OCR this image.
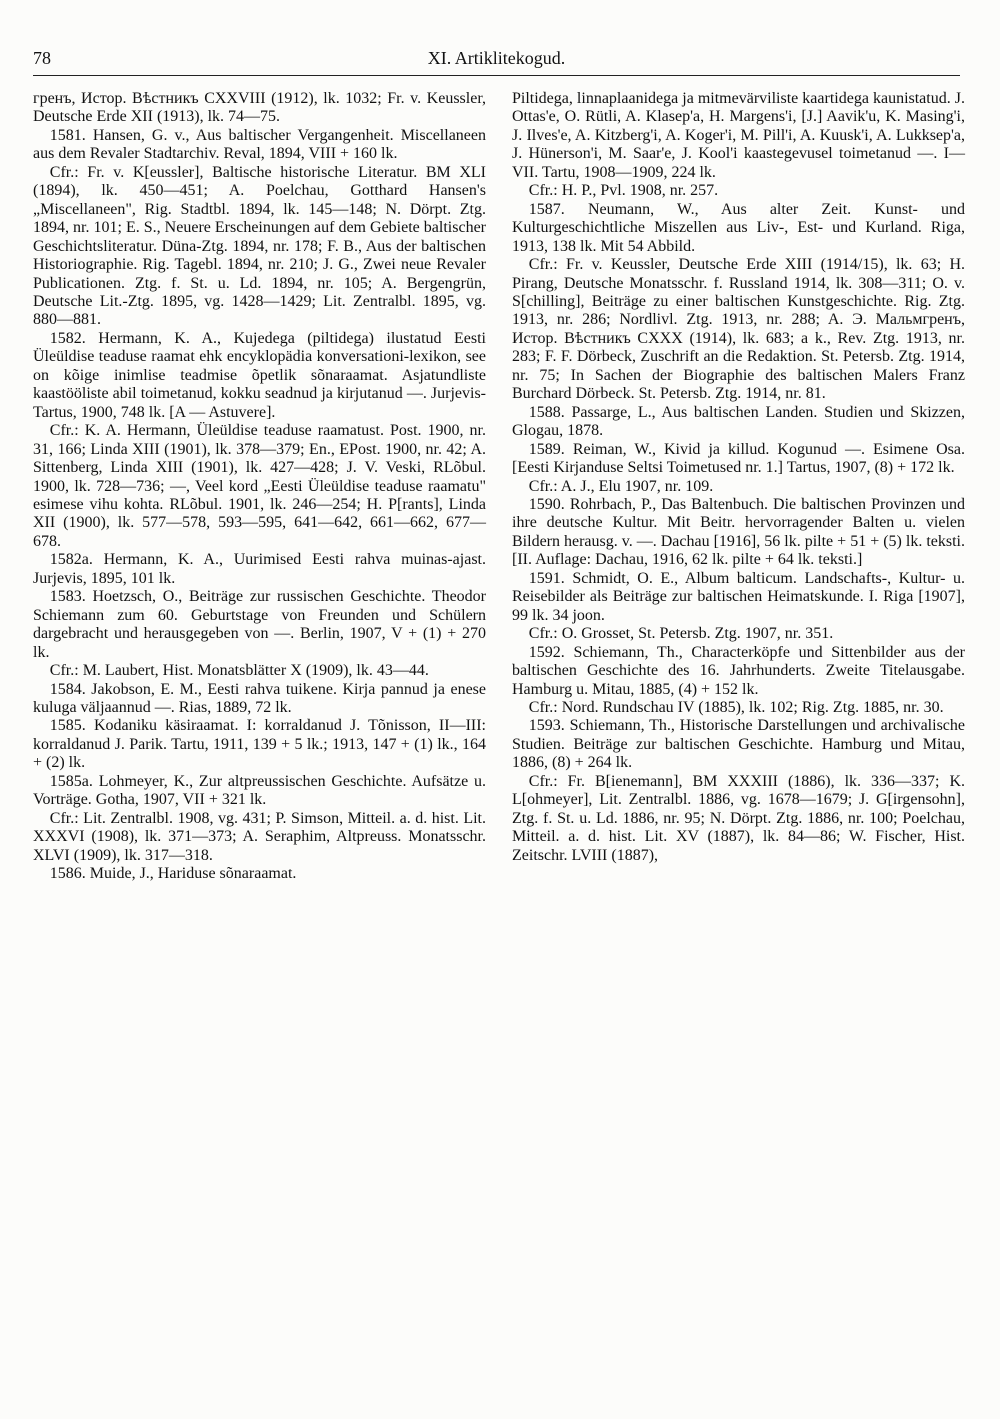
78	XI. Artiklitekogud.

гренъ, Истор. Вѣстникъ CXXVIII (1912), lk. 1032; Fr. v. Keussler, Deutsche Erde XII (1913), lk. 74—75.

1581. Hansen, G. v., Aus baltischer Vergangenheit. Miscellaneen aus dem Revaler Stadtarchiv. Reval, 1894, VIII + 160 lk.

Cfr.: Fr. v. K[eussler], Baltische historische Literatur. BM XLI (1894), lk. 450—451; A. Poelchau, Gotthard Hansen's „Miscellaneen", Rig. Stadtbl. 1894, lk. 145—148; N. Dörpt. Ztg. 1894, nr. 101; E. S., Neuere Erscheinungen auf dem Gebiete baltischer Geschichtsliteratur. Düna-Ztg. 1894, nr. 178; F. B., Aus der baltischen Historiographie. Rig. Tagebl. 1894, nr. 210; J. G., Zwei neue Revaler Publicationen. Ztg. f. St. u. Ld. 1894, nr. 105; A. Bergengrün, Deutsche Lit.-Ztg. 1895, vg. 1428—1429; Lit. Zentralbl. 1895, vg. 880—881.

1582. Hermann, K. A., Kujedega (piltidega) ilustatud Eesti Üleüldise teaduse raamat ehk encyklopädia konversationi-lexikon, see on kõige inimlise teadmise õpetlik sõnaraamat. Asjatundliste kaastööliste abil toimetanud, kokku seadnud ja kirjutanud —. Jurjevis-Tartus, 1900, 748 lk. [A — Astuvere].

Cfr.: K. A. Hermann, Üleüldise teaduse raamatust. Post. 1900, nr. 31, 166; Linda XIII (1901), lk. 378—379; En., EPost. 1900, nr. 42; A. Sittenberg, Linda XIII (1901), lk. 427—428; J. V. Veski, RLõbul. 1900, lk. 728—736; —, Veel kord „Eesti Üleüldise teaduse raamatu" esimese vihu kohta. RLõbul. 1901, lk. 246—254; H. P[rants], Linda XII (1900), lk. 577—578, 593—595, 641—642, 661—662, 677—678.

1582a. Hermann, K. A., Uurimised Eesti rahva muinas-ajast. Jurjevis, 1895, 101 lk.

1583. Hoetzsch, O., Beiträge zur russischen Geschichte. Theodor Schiemann zum 60. Geburtstage von Freunden und Schülern dargebracht und herausgegeben von —. Berlin, 1907, V + (1) + 270 lk.

Cfr.: M. Laubert, Hist. Monatsblätter X (1909), lk. 43—44.

1584. Jakobson, E. M., Eesti rahva tuikene. Kirja pannud ja enese kuluga väljaannud —. Rias, 1889, 72 lk.

1585. Kodaniku käsiraamat. I: korraldanud J. Tõnisson, II—III: korraldanud J. Parik. Tartu, 1911, 139 + 5 lk.; 1913, 147 + (1) lk., 164 + (2) lk.

1585a. Lohmeyer, K., Zur altpreussischen Geschichte. Aufsätze u. Vorträge. Gotha, 1907, VII + 321 lk.

Cfr.: Lit. Zentralbl. 1908, vg. 431; P. Simson, Mitteil. a. d. hist. Lit. XXXVI (1908), lk. 371—373; A. Seraphim, Altpreuss. Monatsschr. XLVI (1909), lk. 317—318.

1586. Muide, J., Hariduse sõnaraamat.

Piltidega, linnaplaanidega ja mitmevärviliste kaartidega kaunistatud. J. Ottas'e, O. Rütli, A. Klasep'a, H. Margens'i, [J.] Aavik'u, K. Masing'i, J. Ilves'e, A. Kitzberg'i, A. Koger'i, M. Pill'i, A. Kuusk'i, A. Lukksep'a, J. Hünerson'i, M. Saar'e, J. Kool'i kaastegevusel toimetanud —. I—VII. Tartu, 1908—1909, 224 lk.

Cfr.: H. P., Pvl. 1908, nr. 257.

1587. Neumann, W., Aus alter Zeit. Kunst- und Kulturgeschichtliche Miszellen aus Liv-, Est- und Kurland. Riga, 1913, 138 lk. Mit 54 Abbild.

Cfr.: Fr. v. Keussler, Deutsche Erde XIII (1914/15), lk. 63; H. Pirang, Deutsche Monatsschr. f. Russland 1914, lk. 308—311; O. v. S[chilling], Beiträge zu einer baltischen Kunstgeschichte. Rig. Ztg. 1913, nr. 286; Nordlivl. Ztg. 1913, nr. 288; A. Э. Мальмгренъ, Истор. Вѣстникъ CXXX (1914), lk. 683; a k., Rev. Ztg. 1913, nr. 283; F. F. Dörbeck, Zuschrift an die Redaktion. St. Petersb. Ztg. 1914, nr. 75; In Sachen der Biographie des baltischen Malers Franz Burchard Dörbeck. St. Petersb. Ztg. 1914, nr. 81.

1588. Passarge, L., Aus baltischen Landen. Studien und Skizzen, Glogau, 1878.

1589. Reiman, W., Kivid ja killud. Kogunud —. Esimene Osa. [Eesti Kirjanduse Seltsi Toimetused nr. 1.] Tartus, 1907, (8) + 172 lk.

Cfr.: A. J., Elu 1907, nr. 109.

1590. Rohrbach, P., Das Baltenbuch. Die baltischen Provinzen und ihre deutsche Kultur. Mit Beitr. hervorragender Balten u. vielen Bildern herausg. v. —. Dachau [1916], 56 lk. pilte + 51 + (5) lk. teksti. [II. Auflage: Dachau, 1916, 62 lk. pilte + 64 lk. teksti.]

1591. Schmidt, O. E., Album balticum. Landschafts-, Kultur- u. Reisebilder als Beiträge zur baltischen Heimatskunde. I. Riga [1907], 99 lk. 34 joon.

Cfr.: O. Grosset, St. Petersb. Ztg. 1907, nr. 351.

1592. Schiemann, Th., Characterköpfe und Sittenbilder aus der baltischen Geschichte des 16. Jahrhunderts. Zweite Titelausgabe. Hamburg u. Mitau, 1885, (4) + 152 lk.

Cfr.: Nord. Rundschau IV (1885), lk. 102; Rig. Ztg. 1885, nr. 30.

1593. Schiemann, Th., Historische Darstellungen und archivalische Studien. Beiträge zur baltischen Geschichte. Hamburg und Mitau, 1886, (8) + 264 lk.

Cfr.: Fr. B[ienemann], BM XXXIII (1886), lk. 336—337; K. L[ohmeyer], Lit. Zentralbl. 1886, vg. 1678—1679; J. G[irgensohn], Ztg. f. St. u. Ld. 1886, nr. 95; N. Dörpt. Ztg. 1886, nr. 100; Poelchau, Mitteil. a. d. hist. Lit. XV (1887), lk. 84—86; W. Fischer, Hist. Zeitschr. LVIII (1887),
